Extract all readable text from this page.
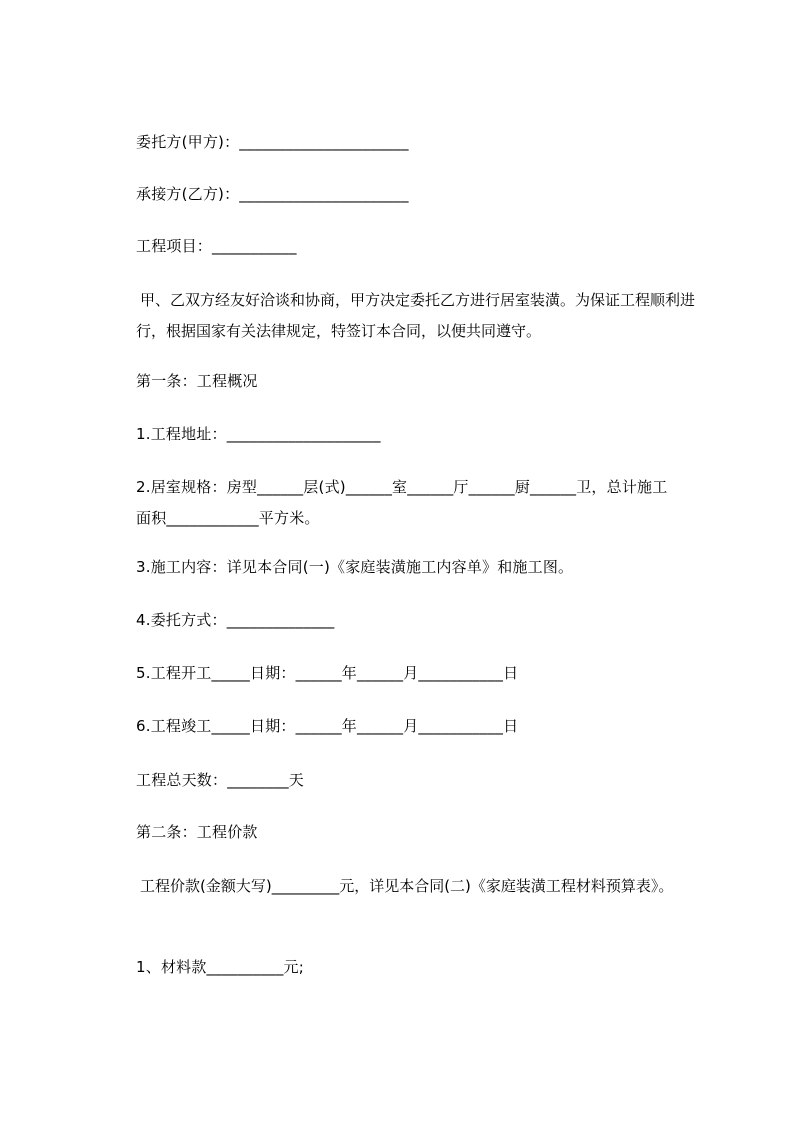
委托方(甲方)：______________________
承接方(乙方)：______________________
工程项目：___________
甲、乙双方经友好洽谈和协商，甲方决定委托乙方进行居室装潢。为保证工程顺利进行，根据国家有关法律规定，特签订本合同，以便共同遵守。
第一条：工程概况
1.工程地址：____________________
2.居室规格：房型______层(式)______室______厅______厨______卫，总计施工
面积____________平方米。
3.施工内容：详见本合同(一)《家庭装潢施工内容单》和施工图。
4.委托方式：______________
5.工程开工_____日期：______年______月___________日
6.工程竣工_____日期：______年______月___________日
工程总天数：________天
第二条：工程价款
工程价款(金额大写)_________元，详见本合同(二)《家庭装潢工程材料预算表》。
1、材料款__________元;
